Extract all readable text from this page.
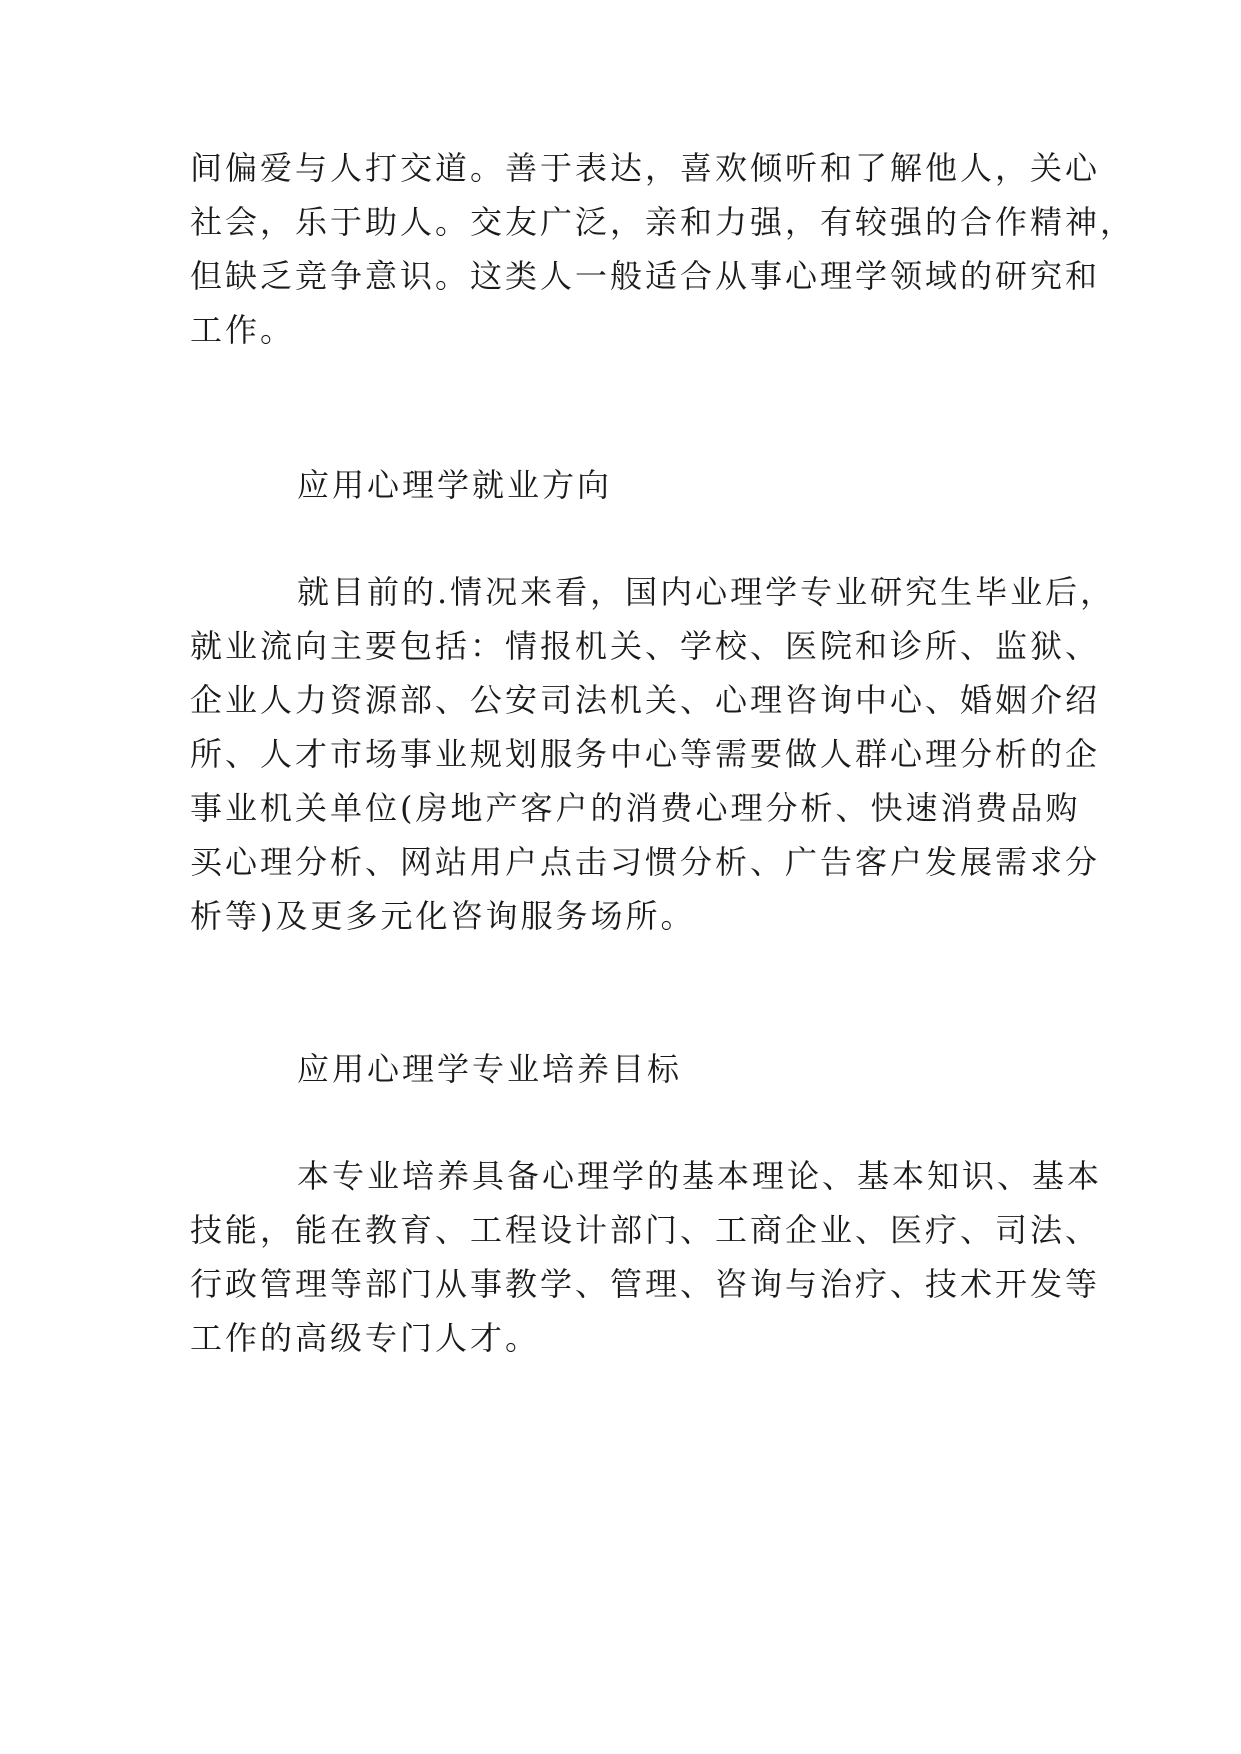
间偏爱与人打交道。善于表达，喜欢倾听和了解他人，关心
社会，乐于助人。交友广泛，亲和力强，有较强的合作精神，
但缺乏竞争意识。这类人一般适合从事心理学领域的研究和
工作。
应用心理学就业方向
就目前的.情况来看，国内心理学专业研究生毕业后，
就业流向主要包括：情报机关、学校、医院和诊所、监狱、
企业人力资源部、公安司法机关、心理咨询中心、婚姻介绍
所、人才市场事业规划服务中心等需要做人群心理分析的企
事业机关单位(房地产客户的消费心理分析、快速消费品购
买心理分析、网站用户点击习惯分析、广告客户发展需求分
析等)及更多元化咨询服务场所。
应用心理学专业培养目标
本专业培养具备心理学的基本理论、基本知识、基本
技能，能在教育、工程设计部门、工商企业、医疗、司法、
行政管理等部门从事教学、管理、咨询与治疗、技术开发等
工作的高级专门人才。
